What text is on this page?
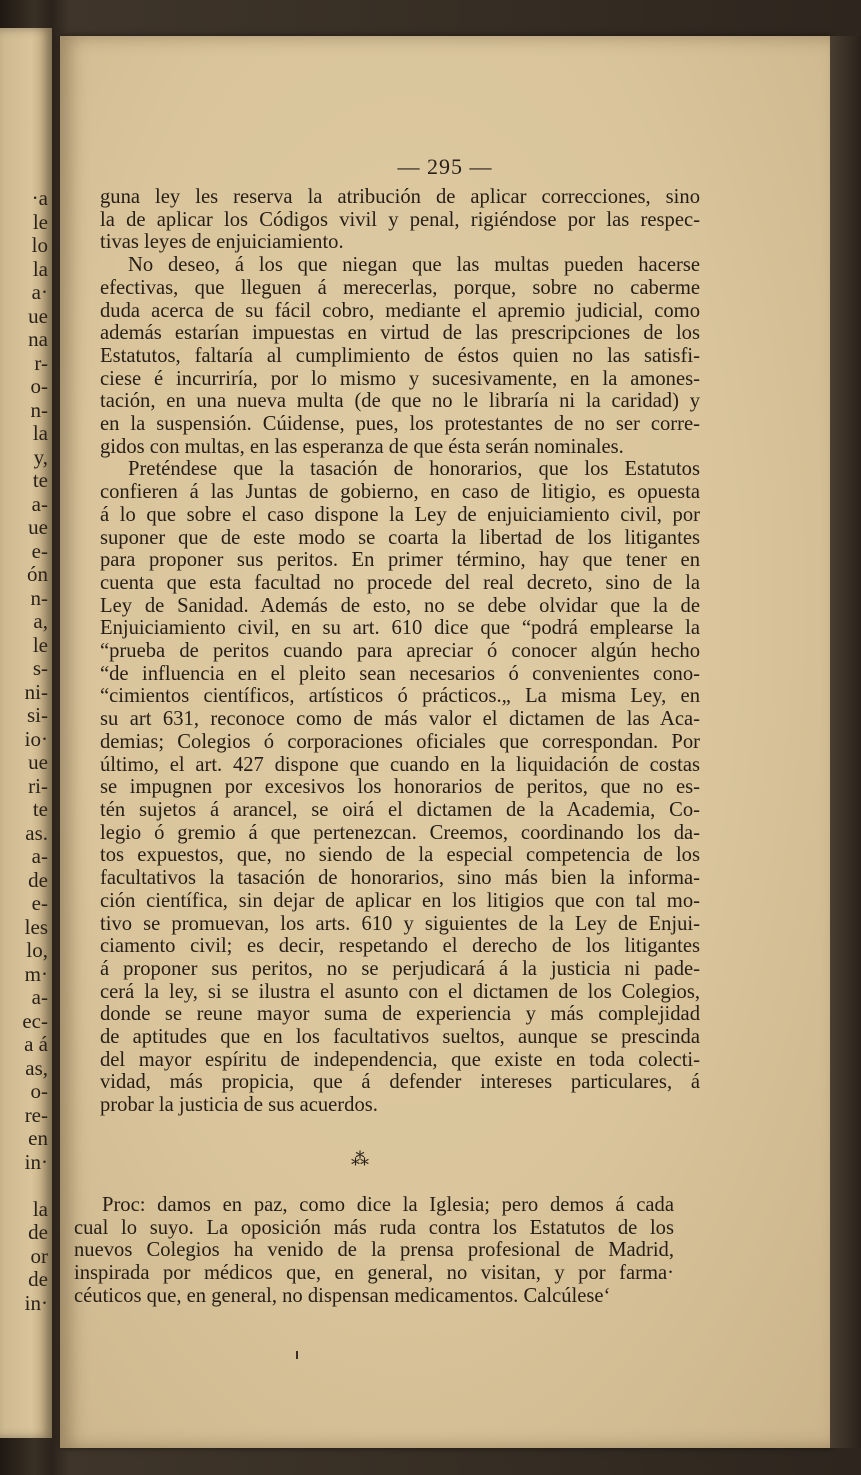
·a
le
lo
la
a·
ue
na
r-
o-
n-
la
y,
te
a-
ue
e-
ón
n-
a,
le
s-
ni-
si-
io·
ue
ri-
te
as.
a-
de
e-
les
lo,
m·
a-
ec-
a á
as,
o-
re-
en
in·
la
de
or
de
in·
— 295 —
guna ley les reserva la atribución de aplicar correcciones, sino
la de aplicar los Códigos vivil y penal, rigiéndose por las respec-
tivas leyes de enjuiciamiento.
No deseo, á los que niegan que las multas pueden hacerse
efectivas, que lleguen á merecerlas, porque, sobre no caberme
duda acerca de su fácil cobro, mediante el apremio judicial, como
además estarían impuestas en virtud de las prescripciones de los
Estatutos, faltaría al cumplimiento de éstos quien no las satisfi-
ciese é incurriría, por lo mismo y sucesivamente, en la amones-
tación, en una nueva multa (de que no le libraría ni la caridad) y
en la suspensión. Cúidense, pues, los protestantes de no ser corre-
gidos con multas, en las esperanza de que ésta serán nominales.
Preténdese que la tasación de honorarios, que los Estatutos
confieren á las Juntas de gobierno, en caso de litigio, es opuesta
á lo que sobre el caso dispone la Ley de enjuiciamiento civil, por
suponer que de este modo se coarta la libertad de los litigantes
para proponer sus peritos. En primer término, hay que tener en
cuenta que esta facultad no procede del real decreto, sino de la
Ley de Sanidad. Además de esto, no se debe olvidar que la de
Enjuiciamiento civil, en su art. 610 dice que “podrá emplearse la
“prueba de peritos cuando para apreciar ó conocer algún hecho
“de influencia en el pleito sean necesarios ó convenientes cono-
“cimientos científicos, artísticos ó prácticos.„ La misma Ley, en
su art 631, reconoce como de más valor el dictamen de las Aca-
demias; Colegios ó corporaciones oficiales que correspondan. Por
último, el art. 427 dispone que cuando en la liquidación de costas
se impugnen por excesivos los honorarios de peritos, que no es-
tén sujetos á arancel, se oirá el dictamen de la Academia, Co-
legio ó gremio á que pertenezcan. Creemos, coordinando los da-
tos expuestos, que, no siendo de la especial competencia de los
facultativos la tasación de honorarios, sino más bien la informa-
ción científica, sin dejar de aplicar en los litigios que con tal mo-
tivo se promuevan, los arts. 610 y siguientes de la Ley de Enjui-
ciamento civil; es decir, respetando el derecho de los litigantes
á proponer sus peritos, no se perjudicará á la justicia ni pade-
cerá la ley, si se ilustra el asunto con el dictamen de los Colegios,
donde se reune mayor suma de experiencia y más complejidad
de aptitudes que en los facultativos sueltos, aunque se prescinda
del mayor espíritu de independencia, que existe en toda colecti-
vidad, más propicia, que á defender intereses particulares, á
probar la justicia de sus acuerdos.
⁂
Proc: damos en paz, como dice la Iglesia; pero demos á cada
cual lo suyo. La oposición más ruda contra los Estatutos de los
nuevos Colegios ha venido de la prensa profesional de Madrid,
inspirada por médicos que, en general, no visitan, y por farma·
céuticos que, en general, no dispensan medicamentos. Calcúlese‘
